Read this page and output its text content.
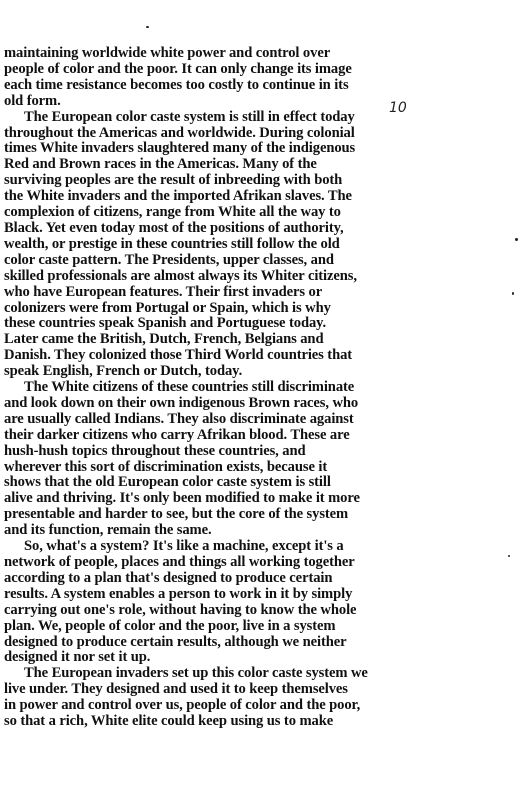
maintaining worldwide white power and control over
people of color and the poor. It can only change its image
each time resistance becomes too costly to continue in its
old form.
The European color caste system is still in effect today
throughout the Americas and worldwide. During colonial
times White invaders slaughtered many of the indigenous
Red and Brown races in the Americas. Many of the
surviving peoples are the result of inbreeding with both
the White invaders and the imported Afrikan slaves. The
complexion of citizens, range from White all the way to
Black. Yet even today most of the positions of authority,
wealth, or prestige in these countries still follow the old
color caste pattern. The Presidents, upper classes, and
skilled professionals are almost always its Whiter citizens,
who have European features. Their first invaders or
colonizers were from Portugal or Spain, which is why
these countries speak Spanish and Portuguese today.
Later came the British, Dutch, French, Belgians and
Danish. They colonized those Third World countries that
speak English, French or Dutch, today.
The White citizens of these countries still discriminate
and look down on their own indigenous Brown races, who
are usually called Indians. They also discriminate against
their darker citizens who carry Afrikan blood. These are
hush-hush topics throughout these countries, and
wherever this sort of discrimination exists, because it
shows that the old European color caste system is still
alive and thriving. It's only been modified to make it more
presentable and harder to see, but the core of the system
and its function, remain the same.
So, what's a system? It's like a machine, except it's a
network of people, places and things all working together
according to a plan that's designed to produce certain
results. A system enables a person to work in it by simply
carrying out one's role, without having to know the whole
plan. We, people of color and the poor, live in a system
designed to produce certain results, although we neither
designed it nor set it up.
The European invaders set up this color caste system we
live under. They designed and used it to keep themselves
in power and control over us, people of color and the poor,
so that a rich, White elite could keep using us to make
10
